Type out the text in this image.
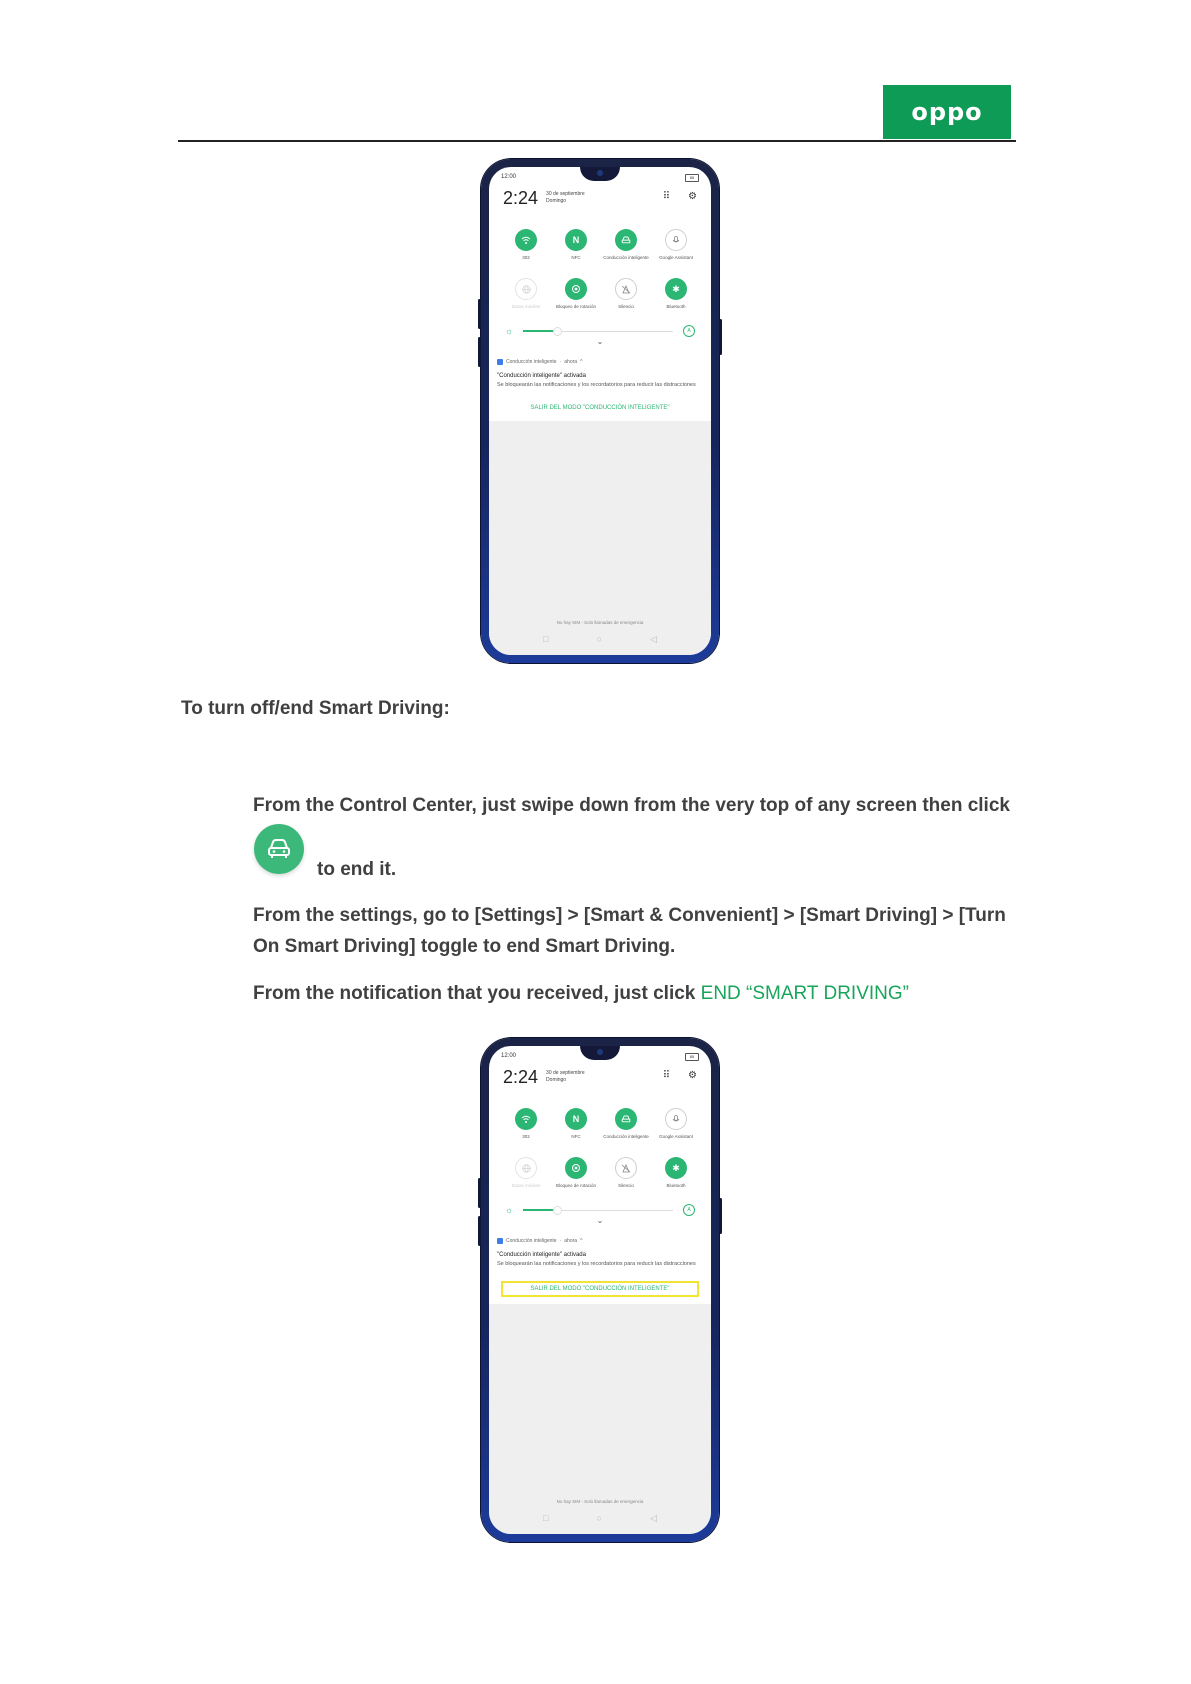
oppo
12:00	85
2:24 30 de septiembre
Domingo	⠿ ⚙
302
N
NFC	Conducción inteligente	Google Assistant
Datos móviles	Bloqueo de rotación	Silencio
✱
Bluetooth
☼	A
⌄
Conducción inteligente · ahora ^
"Conducción inteligente" activada
Se bloquearán las notificaciones y los recordatorios para reducir las distracciones
SALIR DEL MODO "CONDUCCIÓN INTELIGENTE"
No hay SIM - Solo llamadas de emergencia
□	○	◁
To turn off/end Smart Driving:
From the Control Center, just swipe down from the very top of any screen then click
to end it.
From the settings, go to [Settings] > [Smart & Convenient] > [Smart Driving] > [Turn On Smart Driving] toggle to end Smart Driving.
From the notification that you received, just click END “SMART DRIVING”
12:00	85
2:24 30 de septiembre
Domingo	⠿ ⚙
302
N
NFC	Conducción inteligente	Google Assistant
Datos móviles	Bloqueo de rotación	Silencio
✱
Bluetooth
☼	A
⌄
Conducción inteligente · ahora ^
"Conducción inteligente" activada
Se bloquearán las notificaciones y los recordatorios para reducir las distracciones
SALIR DEL MODO "CONDUCCIÓN INTELIGENTE"
No hay SIM - Solo llamadas de emergencia
□	○	◁
